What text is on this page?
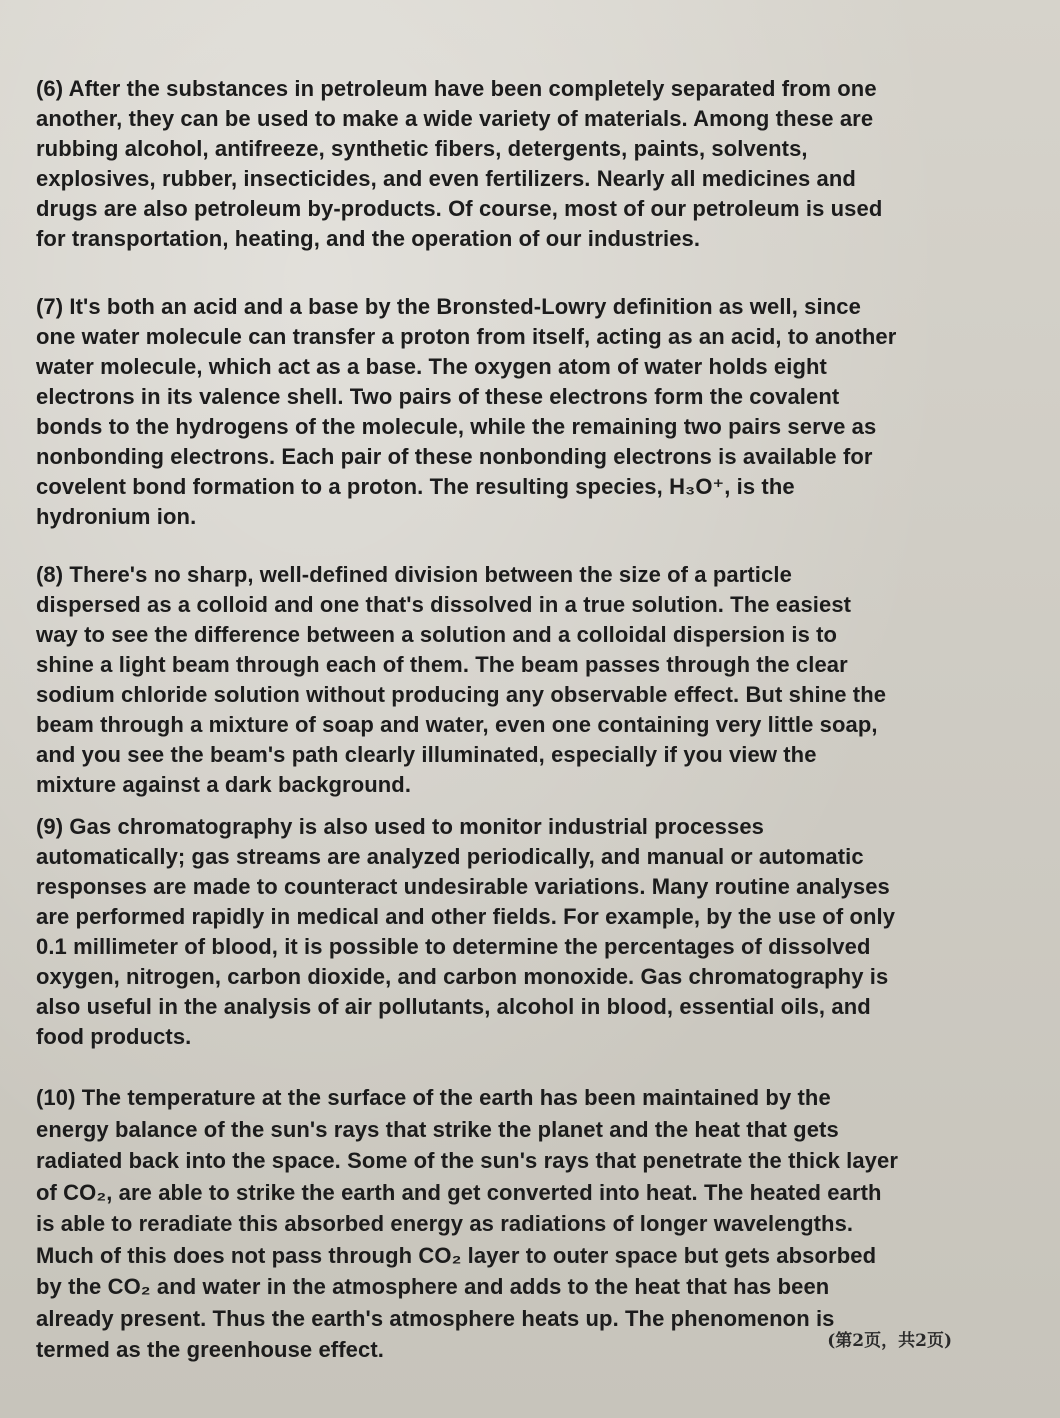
(6) After the substances in petroleum have been completely separated from one
another, they can be used to make a wide variety of materials. Among these are
rubbing alcohol, antifreeze, synthetic fibers, detergents, paints, solvents,
explosives, rubber, insecticides, and even fertilizers. Nearly all medicines and
drugs are also petroleum by-products. Of course, most of our petroleum is used
for transportation, heating, and the operation of our industries.
(7) It's both an acid and a base by the Bronsted-Lowry definition as well, since
one water molecule can transfer a proton from itself, acting as an acid, to another
water molecule, which act as a base. The oxygen atom of water holds eight
electrons in its valence shell. Two pairs of these electrons form the covalent
bonds to the hydrogens of the molecule, while the remaining two pairs serve as
nonbonding electrons. Each pair of these nonbonding electrons is available for
covelent bond formation to a proton. The resulting species, H₃O⁺, is the
hydronium ion.
(8) There's no sharp, well-defined division between the size of a particle
dispersed as a colloid and one that's dissolved in a true solution. The easiest
way to see the difference between a solution and a colloidal dispersion is to
shine a light beam through each of them. The beam passes through the clear
sodium chloride solution without producing any observable effect. But shine the
beam through a mixture of soap and water, even one containing very little soap,
and you see the beam's path clearly illuminated, especially if you view the
mixture against a dark background.
(9) Gas chromatography is also used to monitor industrial processes
automatically; gas streams are analyzed periodically, and manual or automatic
responses are made to counteract undesirable variations. Many routine analyses
are performed rapidly in medical and other fields. For example, by the use of only
0.1 millimeter of blood, it is possible to determine the percentages of dissolved
oxygen, nitrogen, carbon dioxide, and carbon monoxide. Gas chromatography is
also useful in the analysis of air pollutants, alcohol in blood, essential oils, and
food products.
(10) The temperature at the surface of the earth has been maintained by the
energy balance of the sun's rays that strike the planet and the heat that gets
radiated back into the space. Some of the sun's rays that penetrate the thick layer
of CO₂, are able to strike the earth and get converted into heat. The heated earth
is able to reradiate this absorbed energy as radiations of longer wavelengths.
Much of this does not pass through CO₂ layer to outer space but gets absorbed
by the CO₂ and water in the atmosphere and adds to the heat that has been
already present. Thus the earth's atmosphere heats up. The phenomenon is
termed as the greenhouse effect.	(第2页，共2页)
